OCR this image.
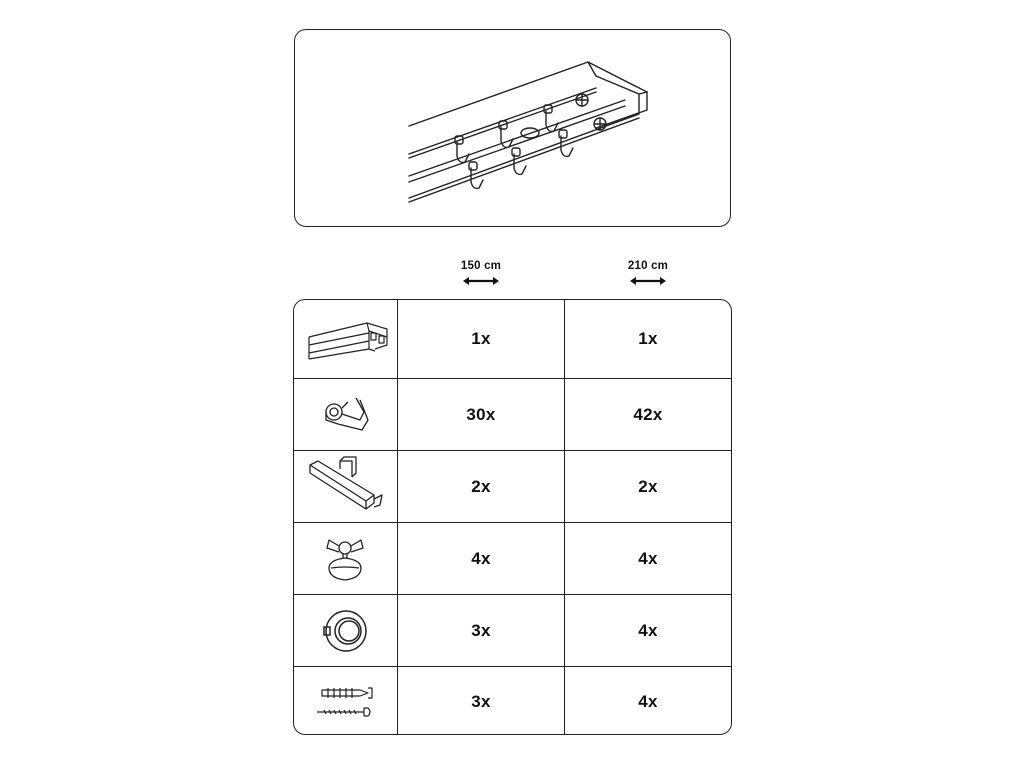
150 cm	210 cm
1x	1x
30x	42x
2x	2x
4x	4x
3x	4x
3x	4x
